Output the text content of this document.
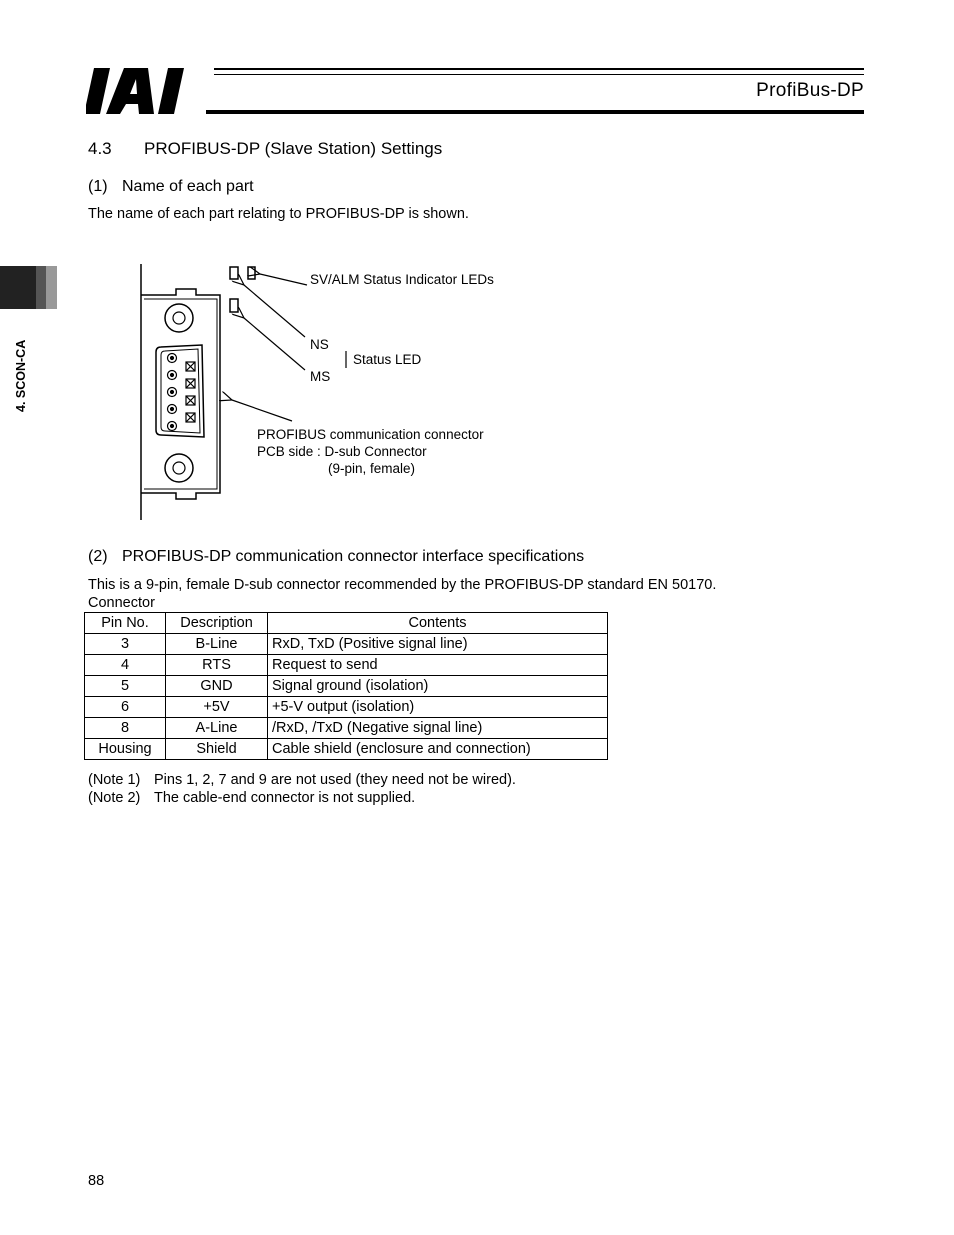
ProfiBus-DP
4. SCON-CA
4.3 PROFIBUS-DP (Slave Station) Settings
(1) Name of each part
The name of each part relating to PROFIBUS-DP is shown.
SV/ALM Status Indicator LEDs
NS
MS
Status LED
PROFIBUS communication connector
PCB side : D-sub Connector
(9-pin, female)
(2) PROFIBUS-DP communication connector interface specifications
This is a 9-pin, female D-sub connector recommended by the PROFIBUS-DP standard EN 50170.
Connector
Pin No.	Description	Contents
3	B-Line	RxD, TxD (Positive signal line)
4	RTS	Request to send
5	GND	Signal ground (isolation)
6	+5V	+5-V output (isolation)
8	A-Line	/RxD, /TxD (Negative signal line)
Housing	Shield	Cable shield (enclosure and connection)
(Note 1) Pins 1, 2, 7 and 9 are not used (they need not be wired).
(Note 2) The cable-end connector is not supplied.
88
